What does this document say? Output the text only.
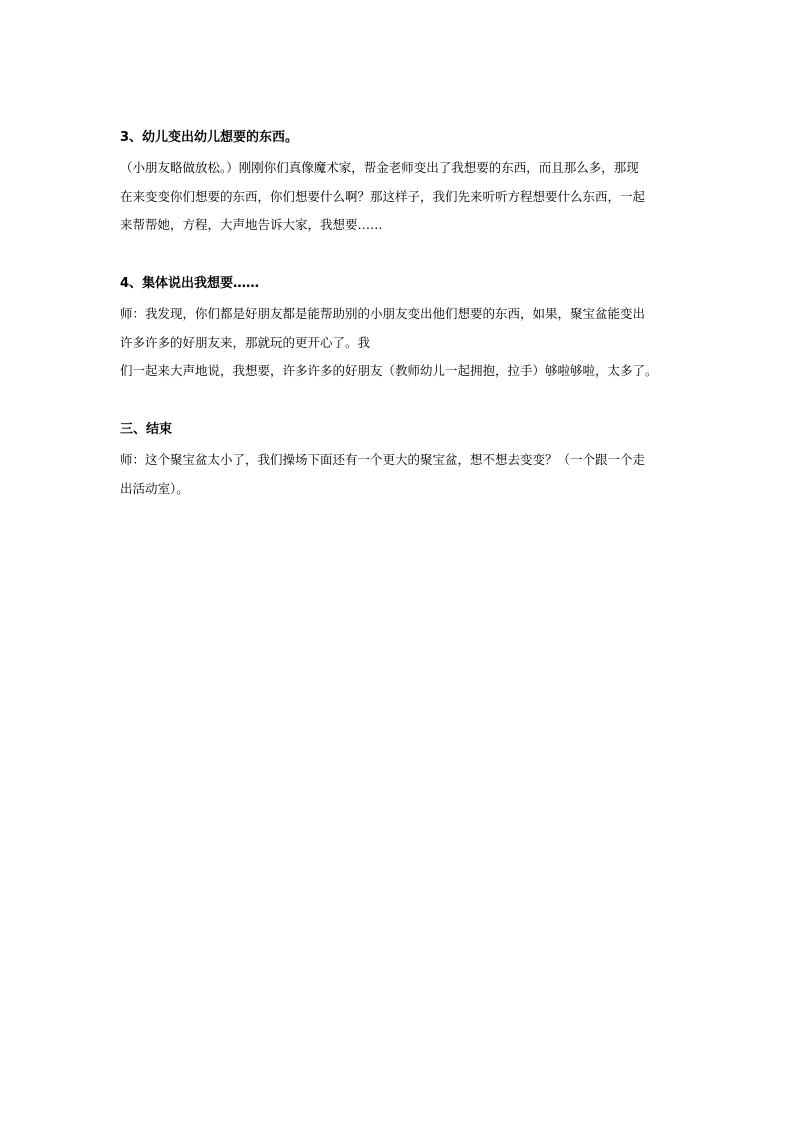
3、幼儿变出幼儿想要的东西。

（小朋友略做放松。）刚刚你们真像魔术家，帮金老师变出了我想要的东西，而且那么多，那现
在来变变你们想要的东西，你们想要什么啊？那这样子，我们先来听听方程想要什么东西，一起
来帮帮她，方程，大声地告诉大家，我想要……

4、集体说出我想要……

师：我发现，你们都是好朋友都是能帮助别的小朋友变出他们想要的东西，如果，聚宝盆能变出
许多许多的好朋友来，那就玩的更开心了。我
们一起来大声地说，我想要，许多许多的好朋友（教师幼儿一起拥抱，拉手）够啦够啦，太多了。

三、结束

师：这个聚宝盆太小了，我们操场下面还有一个更大的聚宝盆，想不想去变变？（一个跟一个走
出活动室）。
